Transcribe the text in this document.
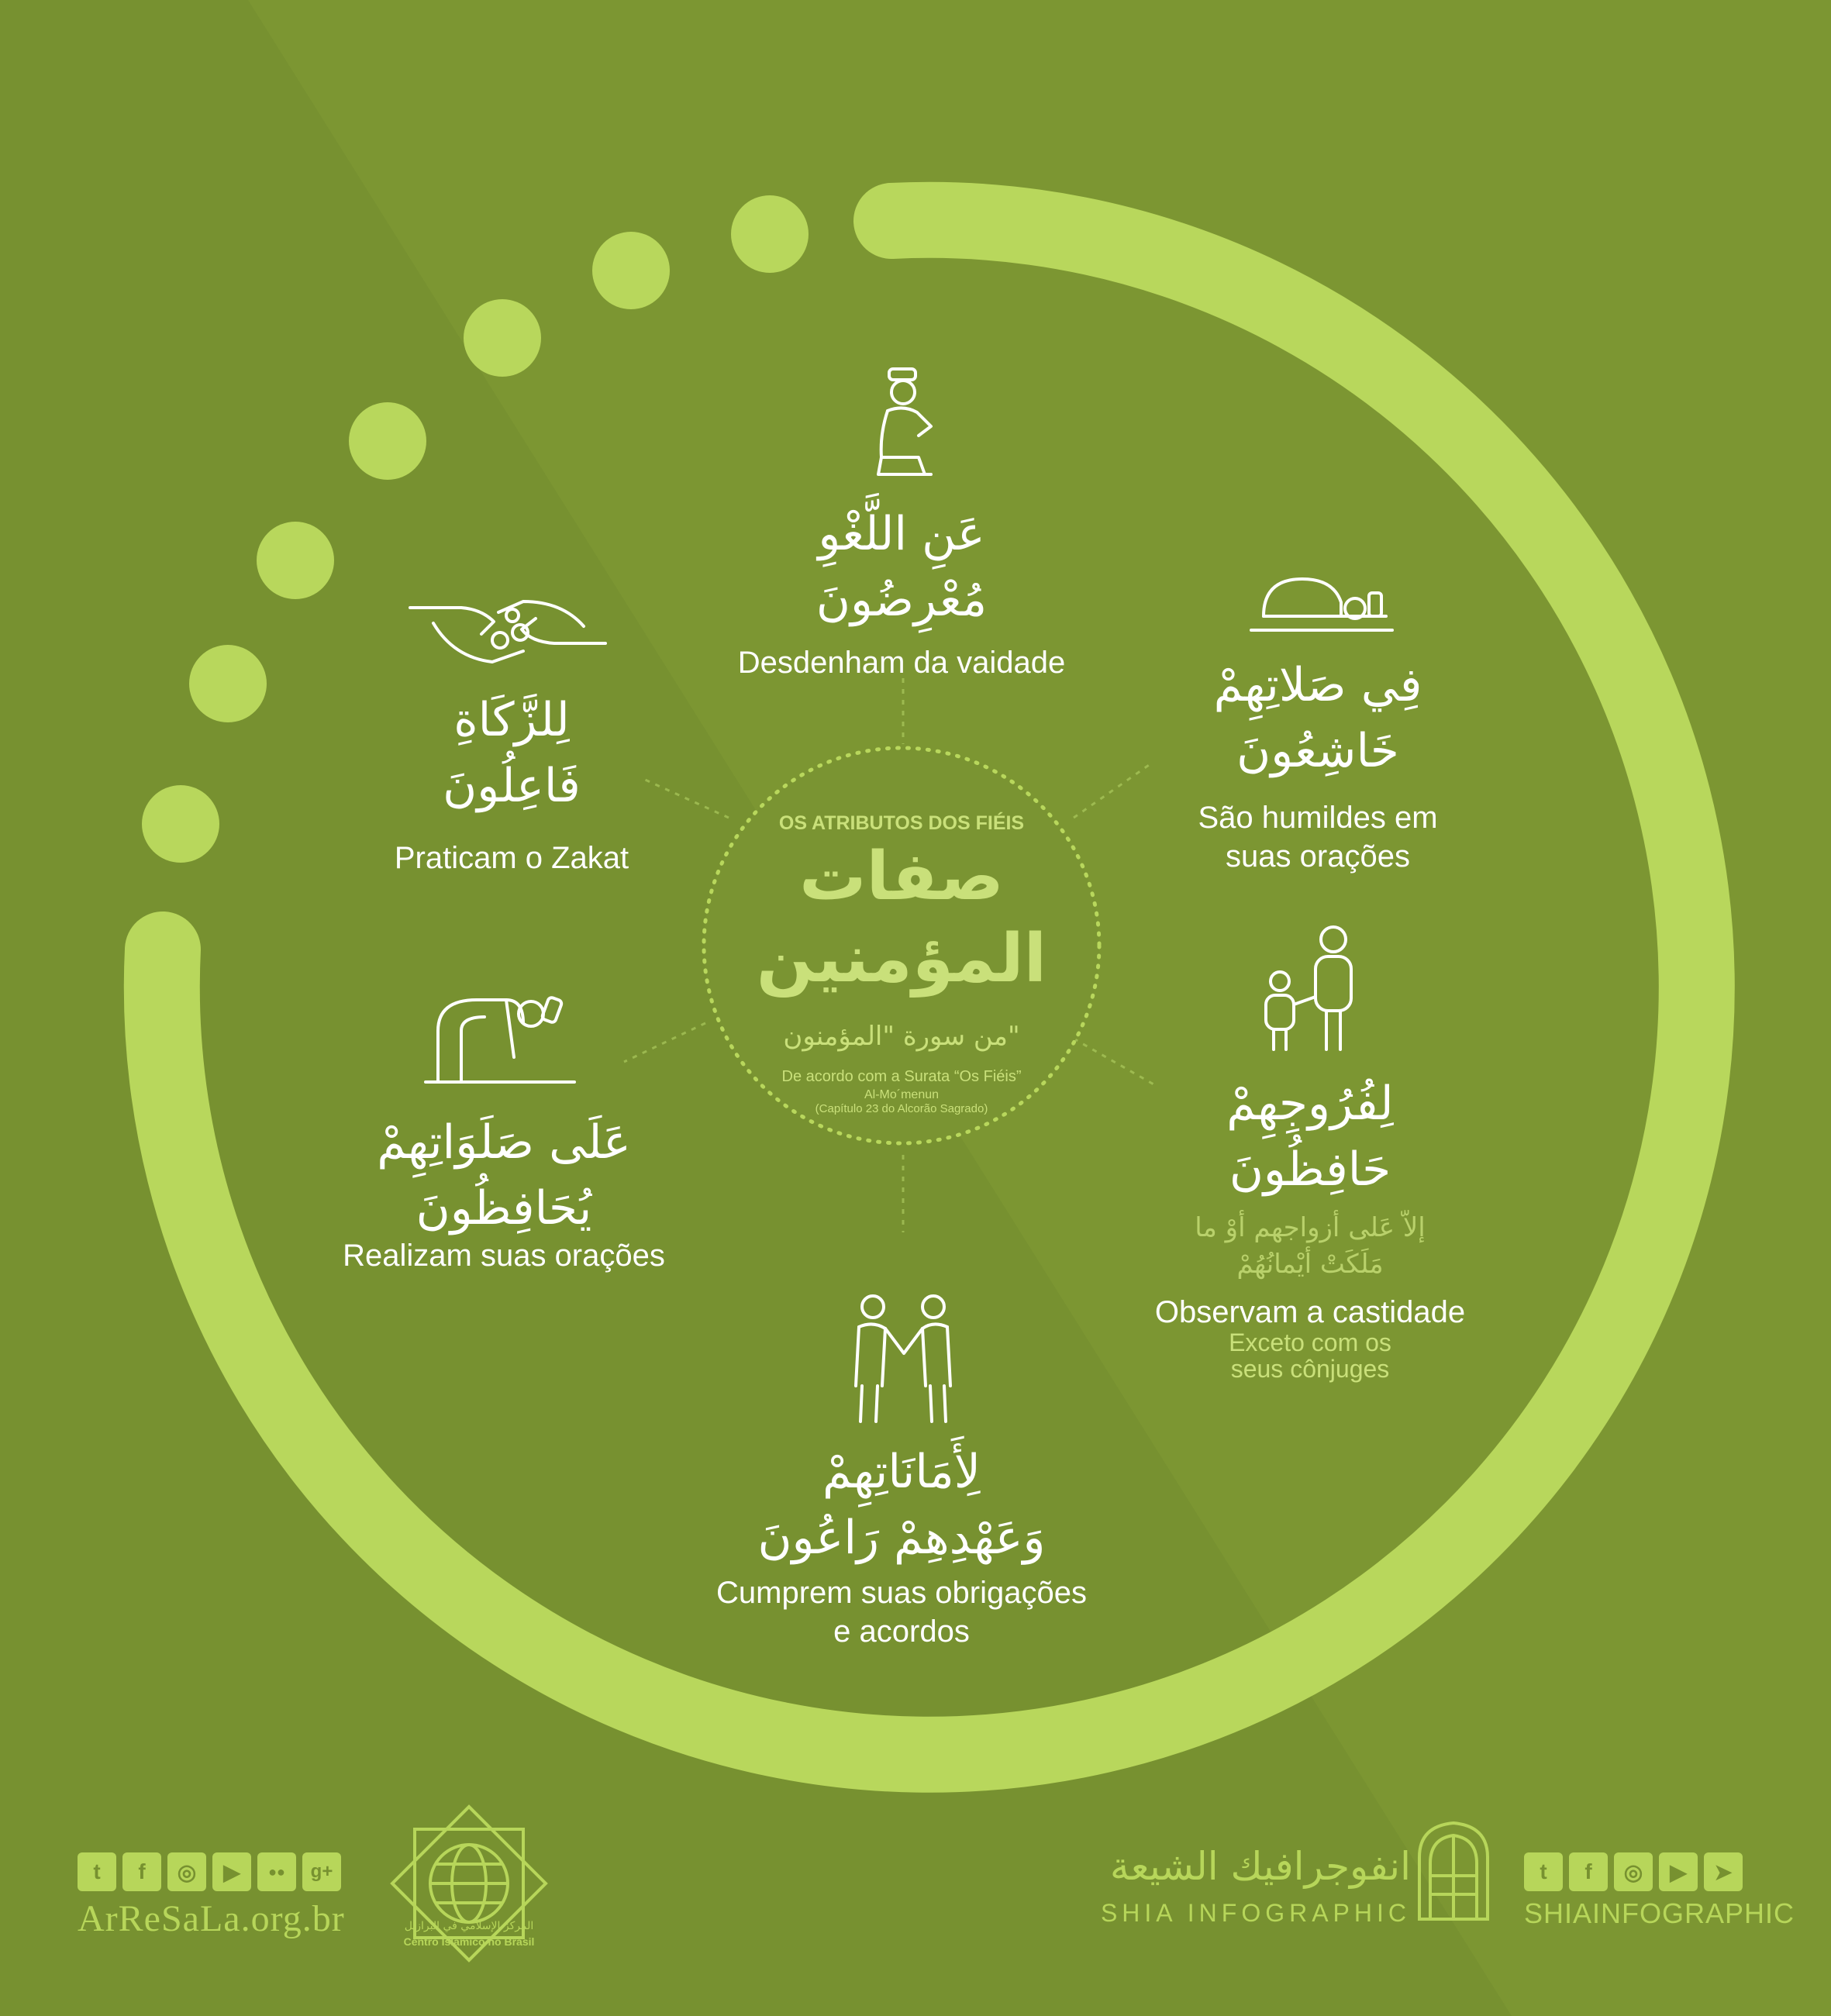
OS ATRIBUTOS DOS FIÉIS
صفات
المؤمنين
من سورة "المؤمنون"
De acordo com a Surata “Os Fiéis”
Al-Mo´menun
(Capítulo 23 do Alcorão Sagrado)
عَنِ اللَّغْوِ
مُعْرِضُونَ
Desdenham da vaidade	فِي صَلاتِهِمْ
خَاشِعُونَ
São humildes em
suas orações
لِفُرُوجِهِمْ
حَافِظُونَ
إلاّ عَلى أزواجهم أوْ ما
مَلَكَتْ أيْمانُهُمْ
Observam a castidade
Exceto com os
seus cônjuges
لِأَمَانَاتِهِمْ
وَعَهْدِهِمْ رَاعُونَ
Cumprem suas obrigações
e acordos
عَلَى صَلَوَاتِهِمْ
يُحَافِظُونَ
Realizam suas orações
لِلزَّكَاةِ
فَاعِلُونَ
Praticam o Zakat
t	f	◎	▶	●●	g+
ArReSaLa.org.br	المركز الإسلامي في البرازيل
Centro Islâmico no Brasil
انفوجرافيك الشيعة
SHIA INFOGRAPHIC
t	f	◎	▶	➤
SHIAINFOGRAPHIC
